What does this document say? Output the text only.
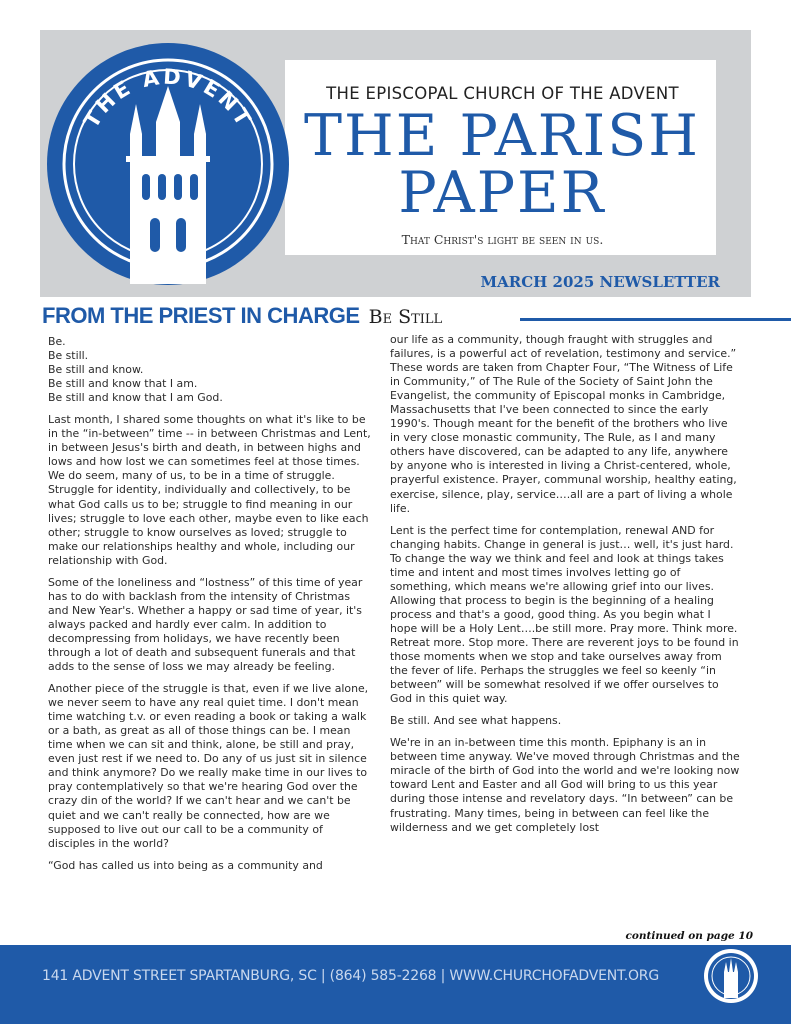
THE ADVENT
THE EPISCOPAL CHURCH OF THE ADVENT
THE PARISH
PAPER
That Christ's light be seen in us.
MARCH 2025 NEWSLETTER
FROM THE PRIEST IN CHARGE Be Still
Be.
Be still.
Be still and know.
Be still and know that I am.
Be still and know that I am God.

Last month, I shared some thoughts on what it's like to be in the “in-between” time -- in between Christmas and Lent, in between Jesus's birth and death, in between highs and lows and how lost we can sometimes feel at those times. We do seem, many of us, to be in a time of struggle. Struggle for identity, individually and collectively, to be what God calls us to be; struggle to find meaning in our lives; struggle to love each other, maybe even to like each other; struggle to know ourselves as loved; struggle to make our relationships healthy and whole, including our relationship with God.

Some of the loneliness and “lostness” of this time of year has to do with backlash from the intensity of Christmas and New Year's. Whether a happy or sad time of year, it's always packed and hardly ever calm. In addition to decompressing from holidays, we have recently been through a lot of death and subsequent funerals and that adds to the sense of loss we may already be feeling.

Another piece of the struggle is that, even if we live alone, we never seem to have any real quiet time. I don't mean time watching t.v. or even reading a book or taking a walk or a bath, as great as all of those things can be. I mean time when we can sit and think, alone, be still and pray, even just rest if we need to. Do any of us just sit in silence and think anymore? Do we really make time in our lives to pray contemplatively so that we're hearing God over the crazy din of the world? If we can't hear and we can't be quiet and we can't really be connected, how are we supposed to live out our call to be a community of disciples in the world?

“God has called us into being as a community and

our life as a community, though fraught with struggles and failures, is a powerful act of revelation, testimony and service.” These words are taken from Chapter Four, “The Witness of Life in Community,” of The Rule of the Society of Saint John the Evangelist, the community of Episcopal monks in Cambridge, Massachusetts that I've been connected to since the early 1990's. Though meant for the benefit of the brothers who live in very close monastic community, The Rule, as I and many others have discovered, can be adapted to any life, anywhere by anyone who is interested in living a Christ-centered, whole, prayerful existence. Prayer, communal worship, healthy eating, exercise, silence, play, service….all are a part of living a whole life.

Lent is the perfect time for contemplation, renewal AND for changing habits. Change in general is just… well, it's just hard. To change the way we think and feel and look at things takes time and intent and most times involves letting go of something, which means we're allowing grief into our lives. Allowing that process to begin is the beginning of a healing process and that's a good, good thing. As you begin what I hope will be a Holy Lent….be still more. Pray more. Think more. Retreat more. Stop more. There are reverent joys to be found in those moments when we stop and take ourselves away from the fever of life. Perhaps the struggles we feel so keenly “in between” will be somewhat resolved if we offer ourselves to God in this quiet way.

Be still. And see what happens.

We're in an in-between time this month. Epiphany is an in between time anyway. We've moved through Christmas and the miracle of the birth of God into the world and we're looking now toward Lent and Easter and all God will bring to us this year during those intense and revelatory days. “In between” can be frustrating. Many times, being in between can feel like the wilderness and we get completely lost

continued on page 10
141 ADVENT STREET SPARTANBURG, SC | (864) 585-2268 | WWW.CHURCHOFADVENT.ORG
